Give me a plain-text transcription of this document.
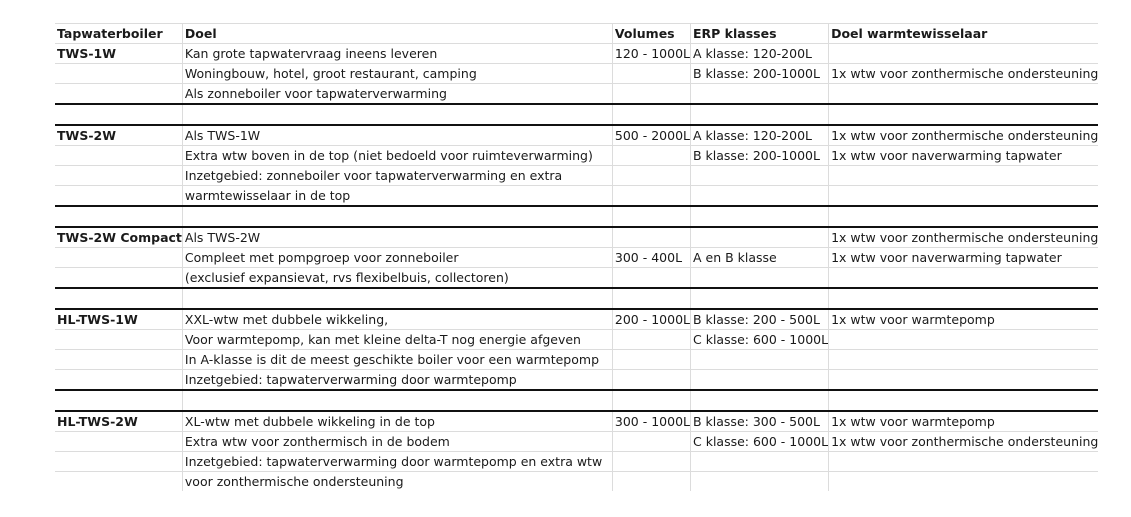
Tapwaterboiler	Doel	Volumes	ERP klasses	Doel warmtewisselaar
TWS-1W	Kan grote tapwatervraag ineens leveren	120 - 1000L	A klasse: 120-200L	
	Woningbouw, hotel, groot restaurant, camping		B klasse: 200-1000L	1x wtw voor zonthermische ondersteuning
	Als zonneboiler voor tapwaterverwarming			

TWS-2W	Als TWS-1W	500 - 2000L	A klasse: 120-200L	1x wtw voor zonthermische ondersteuning
	Extra wtw boven in de top (niet bedoeld voor ruimteverwarming)		B klasse: 200-1000L	1x wtw voor naverwarming tapwater
	Inzetgebied: zonneboiler voor tapwaterverwarming en extra			
	warmtewisselaar in de top			

TWS-2W Compact	Als TWS-2W			1x wtw voor zonthermische ondersteuning
	Compleet met pompgroep voor zonneboiler	300 - 400L	A en B klasse	1x wtw voor naverwarming tapwater
	(exclusief expansievat, rvs flexibelbuis, collectoren)			

HL-TWS-1W	XXL-wtw met dubbele wikkeling,	200 - 1000L	B klasse: 200 - 500L	1x wtw voor warmtepomp
	Voor warmtepomp, kan met kleine delta-T nog energie afgeven		C klasse: 600 - 1000L	
	In A-klasse is dit de meest geschikte boiler voor een warmtepomp			
	Inzetgebied: tapwaterverwarming door warmtepomp			

HL-TWS-2W	XL-wtw met dubbele wikkeling in de top	300 - 1000L	B klasse: 300 - 500L	1x wtw voor warmtepomp
	Extra wtw voor zonthermisch in de bodem		C klasse: 600 - 1000L	1x wtw voor zonthermische ondersteuning
	Inzetgebied: tapwaterverwarming door warmtepomp en extra wtw			
	voor zonthermische ondersteuning			
